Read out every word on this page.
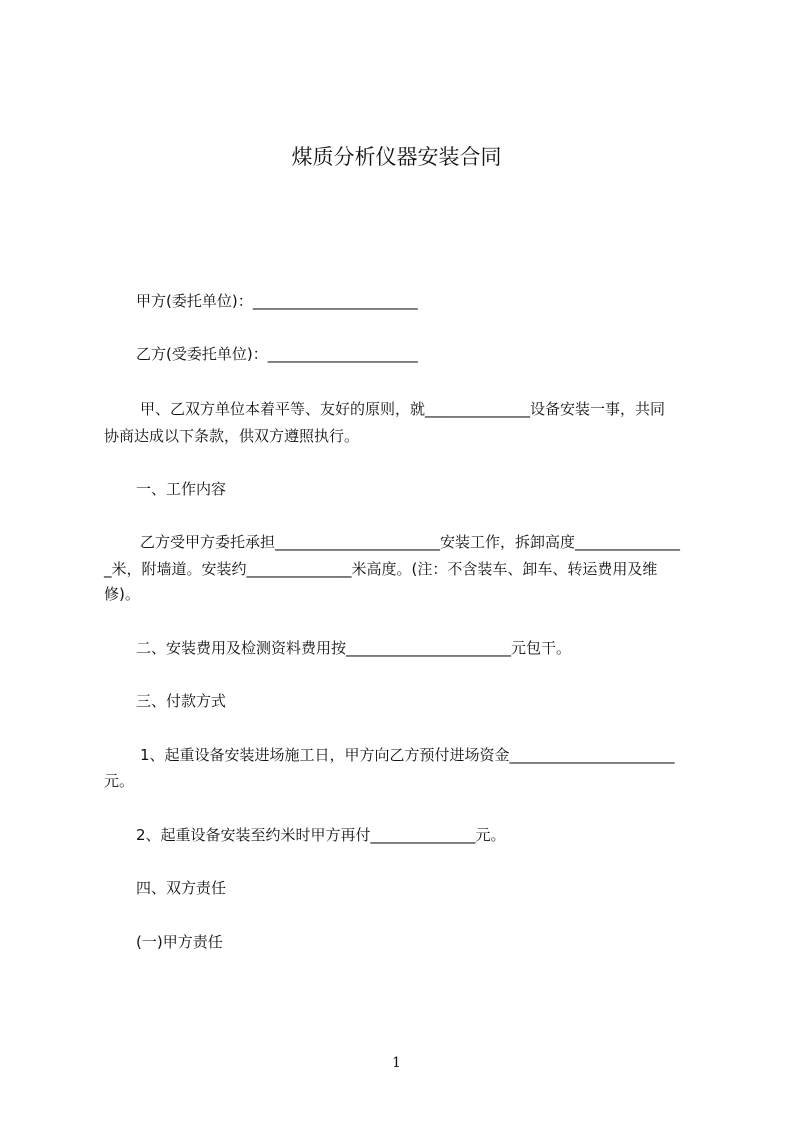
煤质分析仪器安装合同
甲方(委托单位)：______________________
乙方(受委托单位)：____________________
甲、乙双方单位本着平等、友好的原则，就______________设备安装一事，共同
协商达成以下条款，供双方遵照执行。
一、工作内容
乙方受甲方委托承担______________________安装工作，拆卸高度______________
_米，附墙道。安装约______________米高度。(注：不含装车、卸车、转运费用及维
修)。
二、安装费用及检测资料费用按______________________元包干。
三、付款方式
1、起重设备安装进场施工日，甲方向乙方预付进场资金______________________
元。
2、起重设备安装至约米时甲方再付______________元。
四、双方责任
(一)甲方责任
1
